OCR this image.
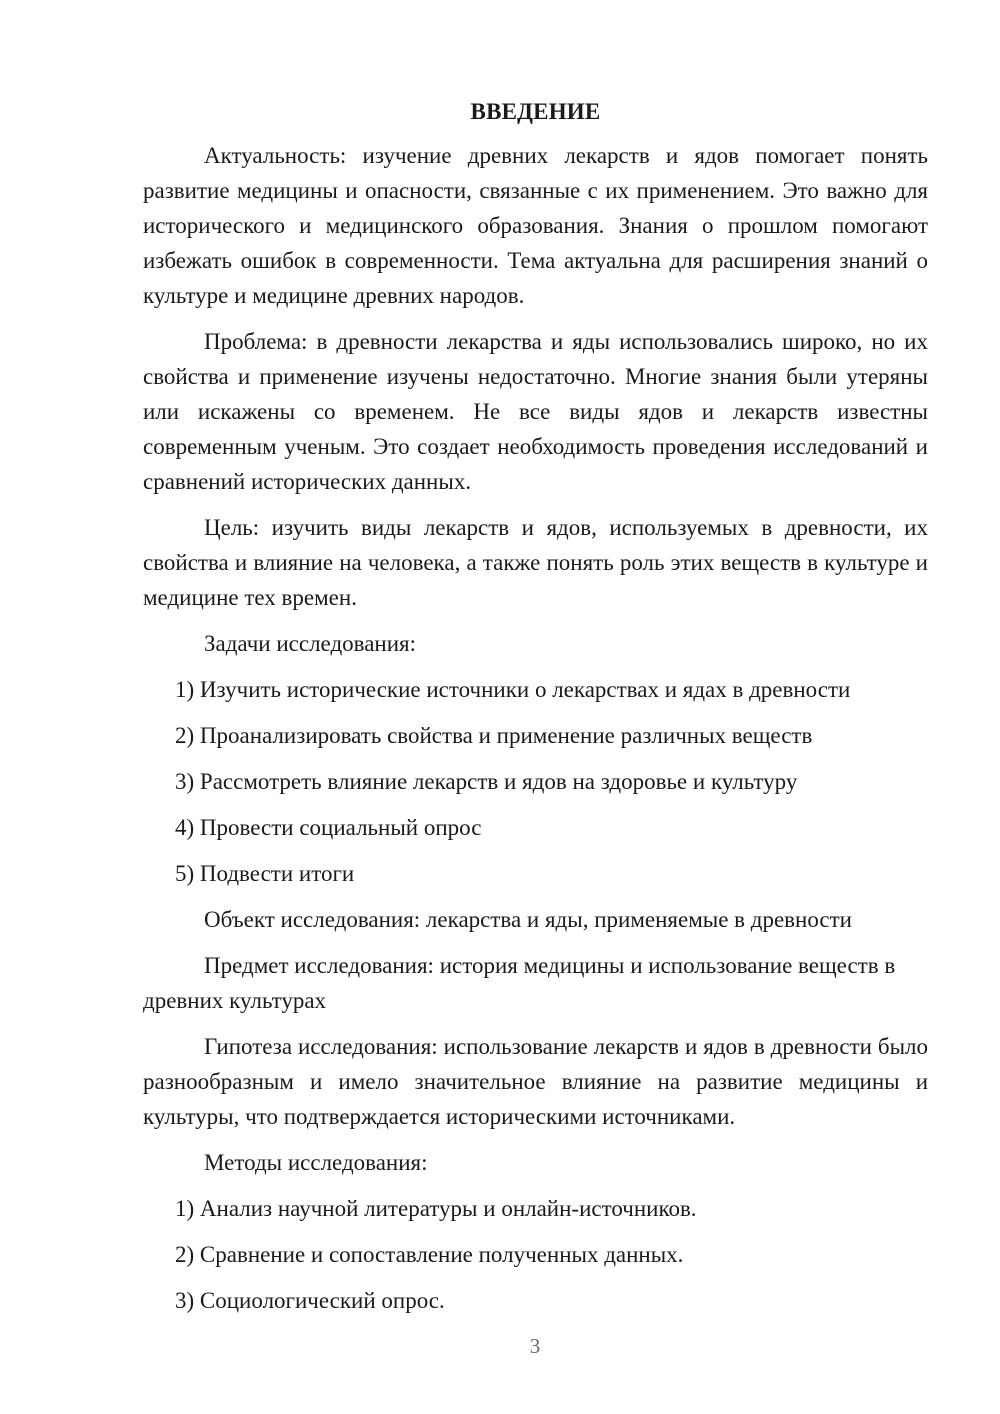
ВВЕДЕНИЕ

Актуальность: изучение древних лекарств и ядов помогает понять развитие медицины и опасности, связанные с их применением. Это важно для исторического и медицинского образования. Знания о прошлом помогают избежать ошибок в современности. Тема актуальна для расширения знаний о культуре и медицине древних народов.

Проблема: в древности лекарства и яды использовались широко, но их свойства и применение изучены недостаточно. Многие знания были утеряны или искажены со временем. Не все виды ядов и лекарств известны современным ученым. Это создает необходимость проведения исследований и сравнений исторических данных.

Цель: изучить виды лекарств и ядов, используемых в древности, их свойства и влияние на человека, а также понять роль этих веществ в культуре и медицине тех времен.

Задачи исследования:

1) Изучить исторические источники о лекарствах и ядах в древности
2) Проанализировать свойства и применение различных веществ
3) Рассмотреть влияние лекарств и ядов на здоровье и культуру
4) Провести социальный опрос
5) Подвести итоги

Объект исследования: лекарства и яды, применяемые в древности

Предмет исследования: история медицины и использование веществ в древних культурах

Гипотеза исследования: использование лекарств и ядов в древности было разнообразным и имело значительное влияние на развитие медицины и культуры, что подтверждается историческими источниками.

Методы исследования:

1) Анализ научной литературы и онлайн-источников.
2) Сравнение и сопоставление полученных данных.
3) Социологический опрос.
3
